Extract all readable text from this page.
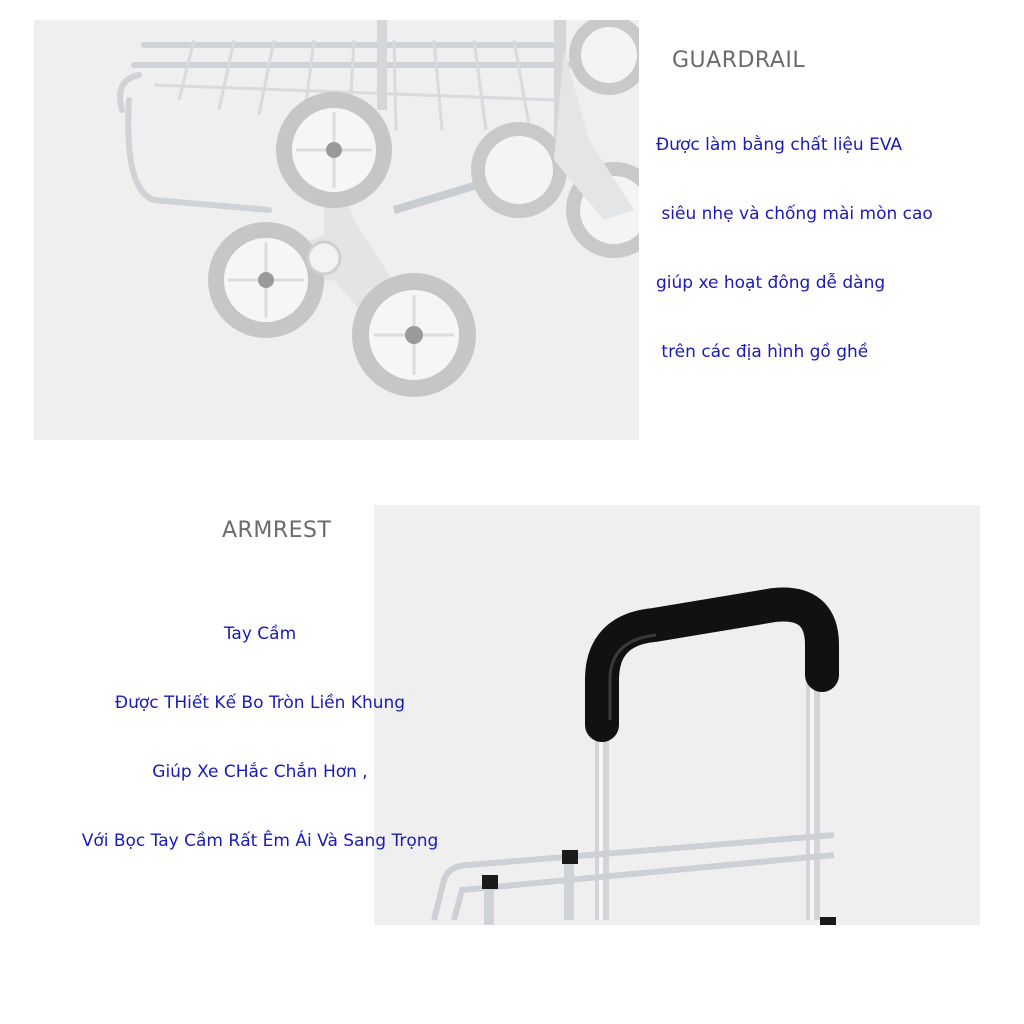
GUARDRAIL

Được làm bằng chất liệu EVA

siêu nhẹ và chống mài mòn cao

giúp xe hoạt đông dễ dàng

trên các địa hình gồ ghề

ARMREST

Tay Cầm

Được THiết Kế Bo Tròn Liền Khung

Giúp Xe CHắc Chắn Hơn ,

Với Bọc Tay Cầm Rất Êm Ái Và Sang Trọng
